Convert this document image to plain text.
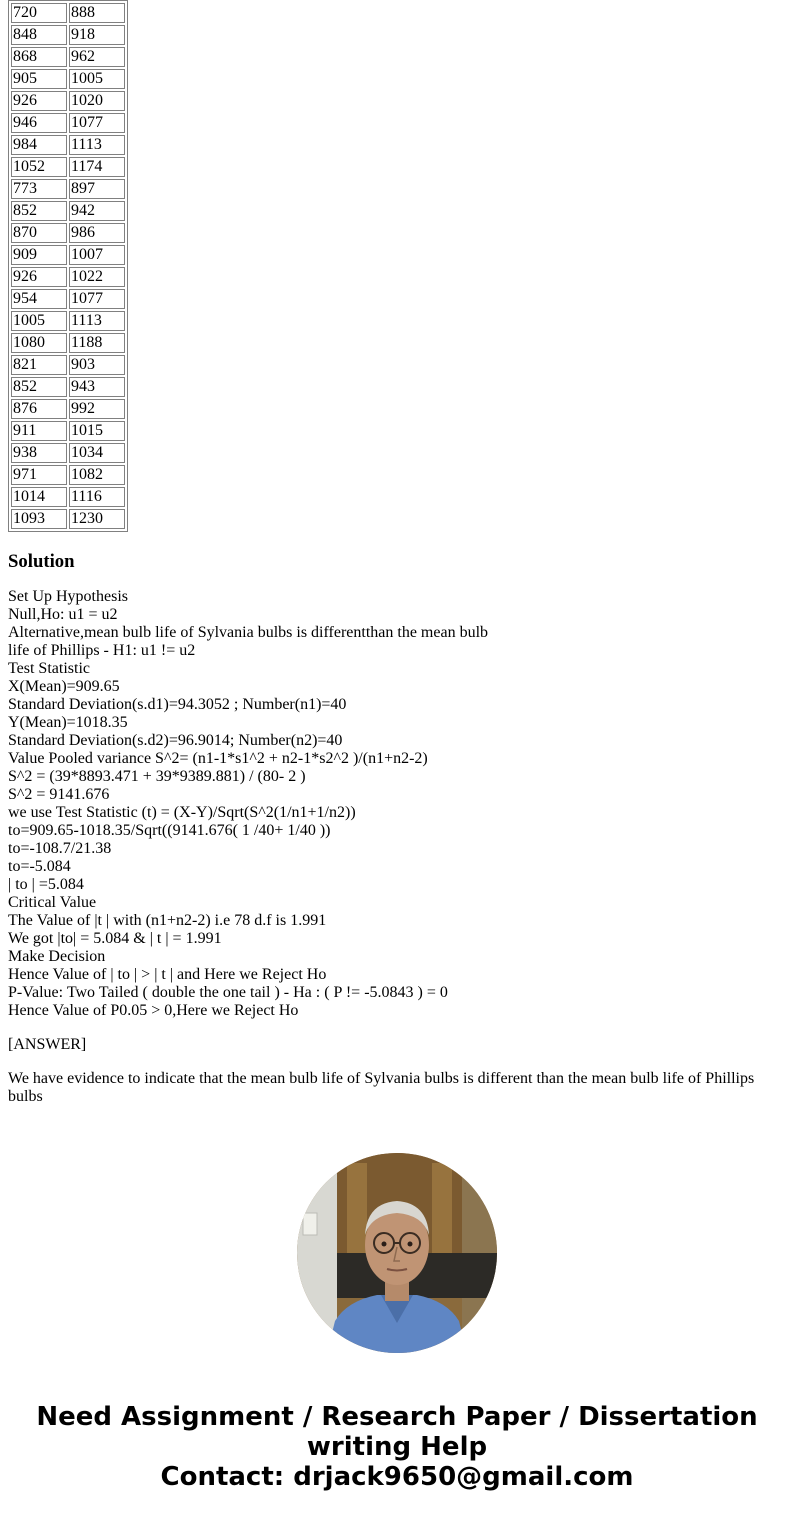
720	888
848	918
868	962
905	1005
926	1020
946	1077
984	1113
1052	1174
773	897
852	942
870	986
909	1007
926	1022
954	1077
1005	1113
1080	1188
821	903
852	943
876	992
911	1015
938	1034
971	1082
1014	1116
1093	1230
Solution
Set Up Hypothesis
Null,Ho: u1 = u2
Alternative,mean bulb life of Sylvania bulbs is differentthan the mean bulb life of Phillips - H1: u1 != u2
Test Statistic
X(Mean)=909.65
Standard Deviation(s.d1)=94.3052 ; Number(n1)=40
Y(Mean)=1018.35
Standard Deviation(s.d2)=96.9014; Number(n2)=40
Value Pooled variance S^2= (n1-1*s1^2 + n2-1*s2^2 )/(n1+n2-2)
S^2 = (39*8893.471 + 39*9389.881) / (80- 2 )
S^2 = 9141.676
we use Test Statistic (t) = (X-Y)/Sqrt(S^2(1/n1+1/n2))
to=909.65-1018.35/Sqrt((9141.676( 1 /40+ 1/40 ))
to=-108.7/21.38
to=-5.084
| to | =5.084
Critical Value
The Value of |t | with (n1+n2-2) i.e 78 d.f is 1.991
We got |to| = 5.084 & | t | = 1.991
Make Decision
Hence Value of | to | > | t | and Here we Reject Ho
P-Value: Two Tailed ( double the one tail ) - Ha : ( P != -5.0843 ) = 0
Hence Value of P0.05 > 0,Here we Reject Ho
[ANSWER]
We have evidence to indicate that the mean bulb life of Sylvania bulbs is different than the mean bulb life of Phillips bulbs
Need Assignment / Research Paper / Dissertation
writing Help
Contact: drjack9650@gmail.com
